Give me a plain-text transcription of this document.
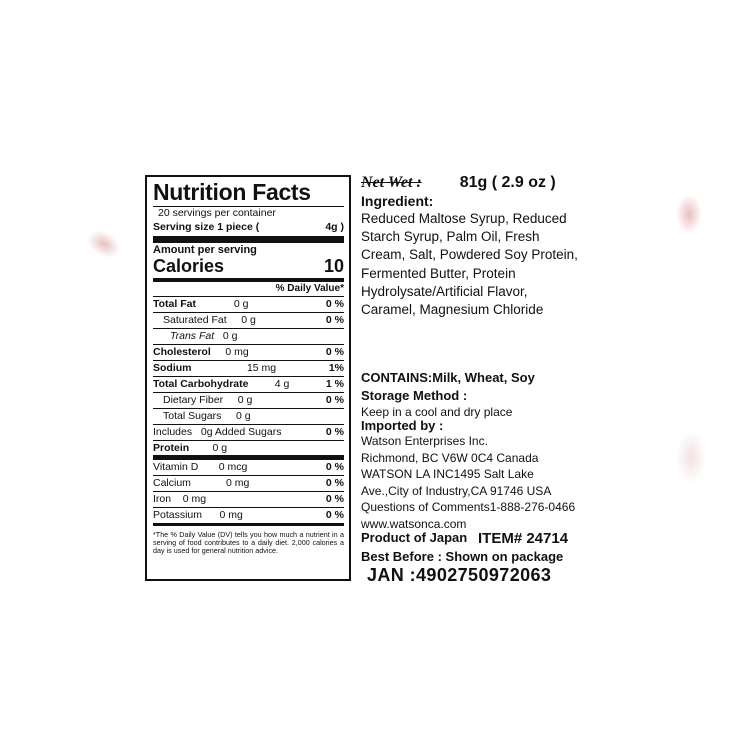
Nutrition Facts
20 servings per container
Serving size 1 piece (	4g )
Amount per serving
Calories	10
% Daily Value*
Total Fat	0 g	0 %
Saturated Fat 0 g	0 %
Trans Fat 0 g
Cholesterol 0 mg	0 %
Sodium	15 mg	1%
Total Carbohydrate	4 g	1 %
Dietary Fiber 0 g	0 %
Total Sugars 0 g
Includes 0g Added Sugars	0 %
Protein 0 g
Vitamin D 0 mcg	0 %
Calcium	0 mg	0 %
Iron 0 mg	0 %
Potassium 0 mg	0 %
*The % Daily Value (DV) tells you how much a nutrient in a serving of food contributes to a daily diet. 2,000 calories a day is used for general nutrition advice.
Net Wet : 81g ( 2.9 oz )
Ingredient:
Reduced Maltose Syrup, Reduced
Starch Syrup, Palm Oil, Fresh
Cream, Salt, Powdered Soy Protein,
Fermented Butter, Protein
Hydrolysate/Artificial Flavor,
Caramel, Magnesium Chloride
CONTAINS:Milk, Wheat, Soy
Storage Method :
Keep in a cool and dry place
Imported by :
Watson Enterprises Inc.
Richmond, BC V6W 0C4 Canada
WATSON LA INC1495 Salt Lake
Ave.,City of Industry,CA 91746 USA
Questions of Comments1-888-276-0466
www.watsonca.com
Product of Japan ITEM# 24714
Best Before : Shown on package
JAN :4902750972063
